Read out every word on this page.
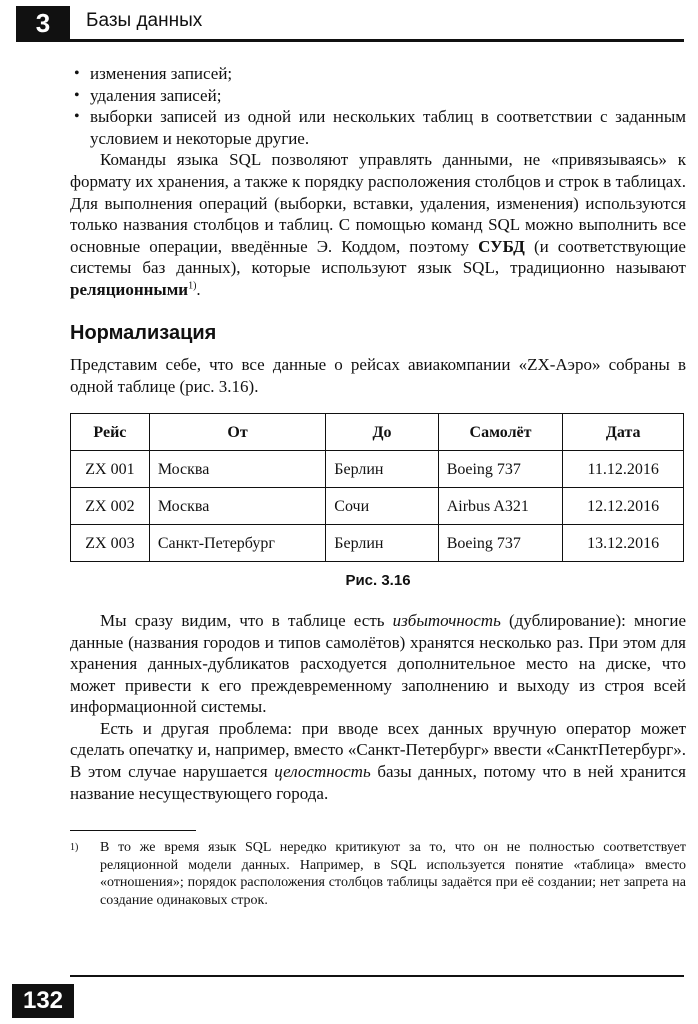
3	Базы данных
• изменения записей;
• удаления записей;
• выборки записей из одной или нескольких таблиц в соответствии с заданным условием и некоторые другие.

Команды языка SQL позволяют управлять данными, не «привязываясь» к формату их хранения, а также к порядку расположения столбцов и строк в таблицах. Для выполнения операций (выборки, вставки, удаления, изменения) используются только названия столбцов и таблиц. С помощью команд SQL можно выполнить все основные операции, введённые Э. Коддом, поэтому СУБД (и соответствующие системы баз данных), которые используют язык SQL, традиционно называют реляционными$^{1)}$.

Нормализация

Представим себе, что все данные о рейсах авиакомпании «ZX-Аэро» собраны в одной таблице (рис. 3.16).

Рейс	От	До	Самолёт	Дата
ZX 001	Москва	Берлин	Boeing 737	11.12.2016
ZX 002	Москва	Сочи	Airbus A321	12.12.2016
ZX 003	Санкт-Петербург	Берлин	Boeing 737	13.12.2016
Рис. 3.16

Мы сразу видим, что в таблице есть избыточность (дублирование): многие данные (названия городов и типов самолётов) хранятся несколько раз. При этом для хранения данных-дубликатов расходуется дополнительное место на диске, что может привести к его преждевременному заполнению и выходу из строя всей информационной системы.

Есть и другая проблема: при вводе всех данных вручную оператор может сделать опечатку и, например, вместо «Санкт-Петербург» ввести «СанктПетербург». В этом случае нарушается целостность базы данных, потому что в ней хранится название несуществующего города.

1) В то же время язык SQL нередко критикуют за то, что он не полностью соответствует реляционной модели данных. Например, в SQL используется понятие «таблица» вместо «отношения»; порядок расположения столбцов таблицы задаётся при её создании; нет запрета на создание одинаковых строк.
132
